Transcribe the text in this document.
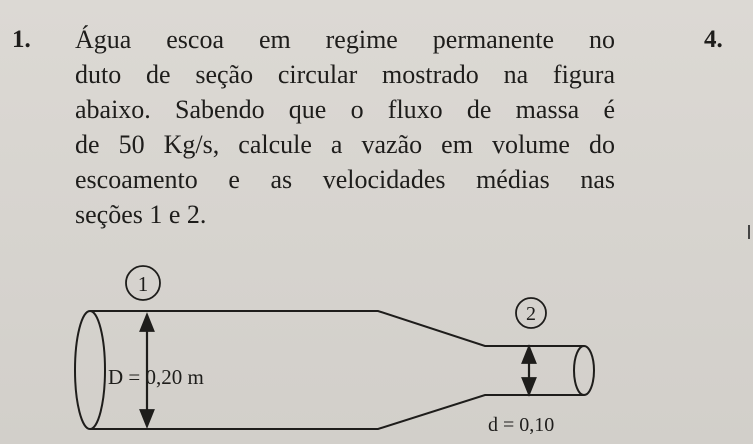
1. Água escoa em regime permanente no
duto de seção circular mostrado na figura
abaixo. Sabendo que o fluxo de massa é
de 50 Kg/s, calcule a vazão em volume do
escoamento e as velocidades médias nas
seções 1 e 2.
4.
1
2
D = 0,20 m
d = 0,10
